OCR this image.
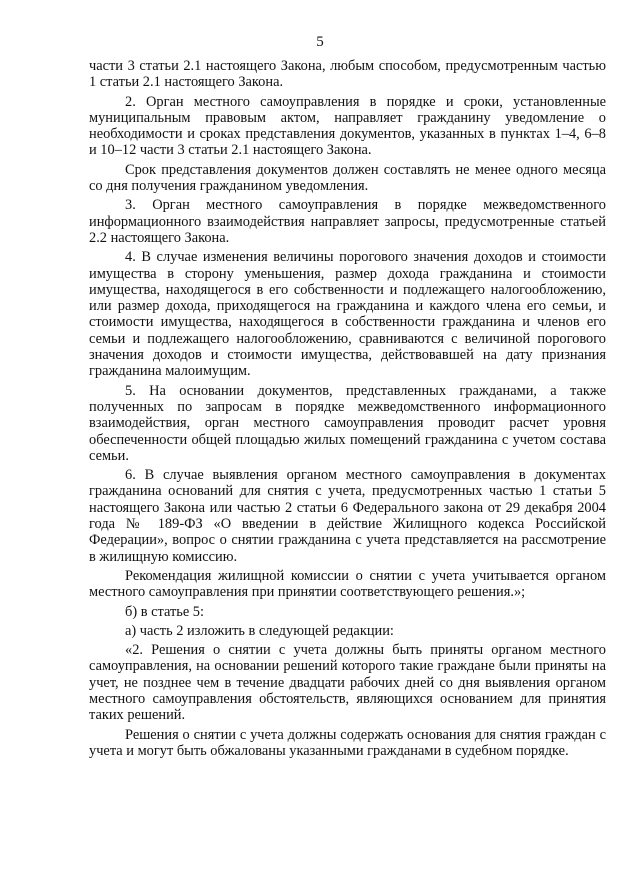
5

части 3 статьи 2.1 настоящего Закона, любым способом, предусмотренным частью 1 статьи 2.1 настоящего Закона.

2. Орган местного самоуправления в порядке и сроки, установленные муниципальным правовым актом, направляет гражданину уведомление о необходимости и сроках представления документов, указанных в пунктах 1–4, 6–8 и 10–12 части 3 статьи 2.1 настоящего Закона.

Срок представления документов должен составлять не менее одного месяца со дня получения гражданином уведомления.

3. Орган местного самоуправления в порядке межведомственного информационного взаимодействия направляет запросы, предусмотренные статьей 2.2 настоящего Закона.

4. В случае изменения величины порогового значения доходов и стоимости имущества в сторону уменьшения, размер дохода гражданина и стоимости имущества, находящегося в его собственности и подлежащего налогообложению, или размер дохода, приходящегося на гражданина и каждого члена его семьи, и стоимости имущества, находящегося в собственности гражданина и членов его семьи и подлежащего налогообложению, сравниваются с величиной порогового значения доходов и стоимости имущества, действовавшей на дату признания гражданина малоимущим.

5. На основании документов, представленных гражданами, а также полученных по запросам в порядке межведомственного информационного взаимодействия, орган местного самоуправления проводит расчет уровня обеспеченности общей площадью жилых помещений гражданина с учетом состава семьи.

6. В случае выявления органом местного самоуправления в документах гражданина оснований для снятия с учета, предусмотренных частью 1 статьи 5 настоящего Закона или частью 2 статьи 6 Федерального закона от 29 декабря 2004 года № 189-ФЗ «О введении в действие Жилищного кодекса Российской Федерации», вопрос о снятии гражданина с учета представляется на рассмотрение в жилищную комиссию.

Рекомендация жилищной комиссии о снятии с учета учитывается органом местного самоуправления при принятии соответствующего решения.»;

б) в статье 5:

а) часть 2 изложить в следующей редакции:

«2. Решения о снятии с учета должны быть приняты органом местного самоуправления, на основании решений которого такие граждане были приняты на учет, не позднее чем в течение двадцати рабочих дней со дня выявления органом местного самоуправления обстоятельств, являющихся основанием для принятия таких решений.

Решения о снятии с учета должны содержать основания для снятия граждан с учета и могут быть обжалованы указанными гражданами в судебном порядке.
